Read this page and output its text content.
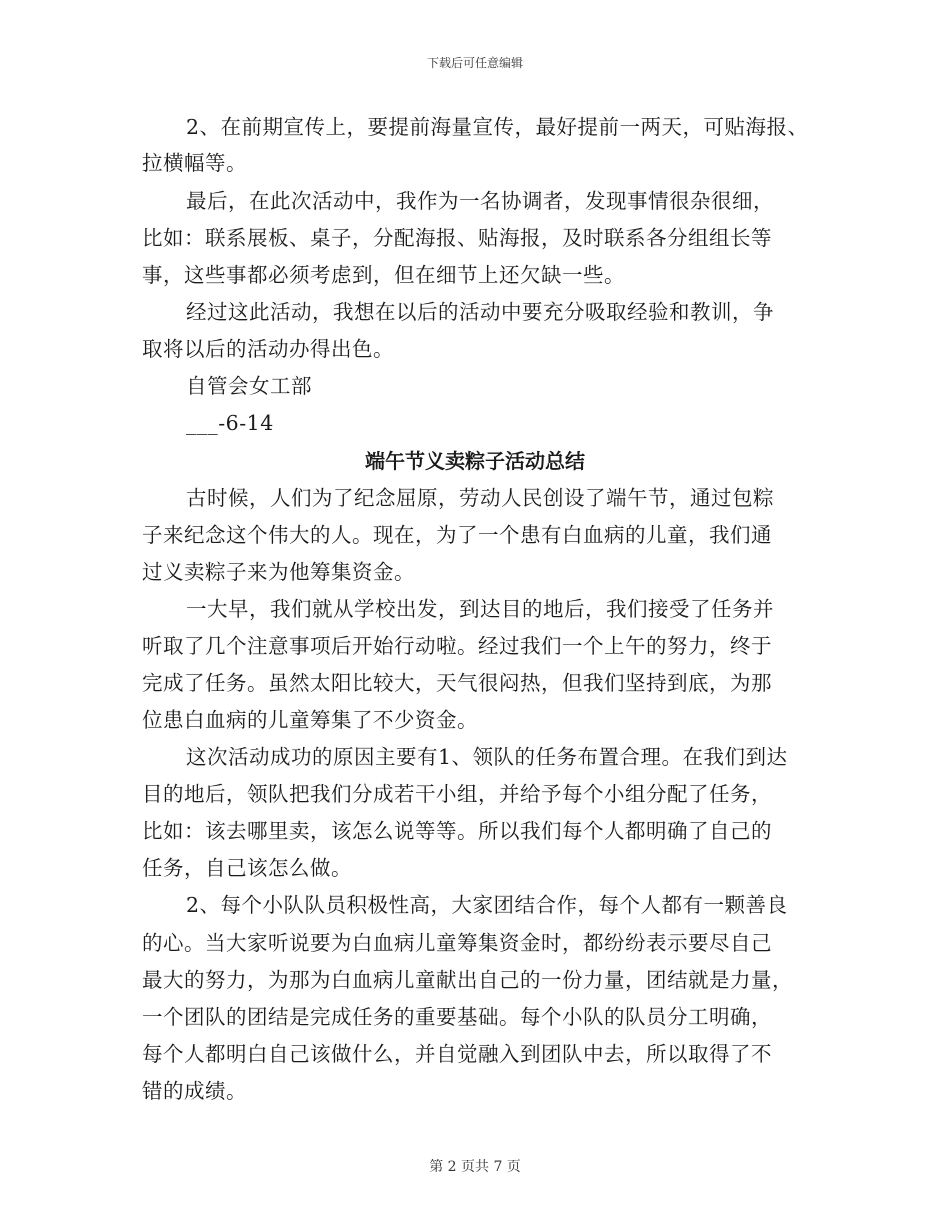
下载后可任意编辑
2、在前期宣传上，要提前海量宣传，最好提前一两天，可贴海报、
拉横幅等。
最后，在此次活动中，我作为一名协调者，发现事情很杂很细，
比如：联系展板、桌子，分配海报、贴海报，及时联系各分组组长等
事，这些事都必须考虑到，但在细节上还欠缺一些。
经过这此活动，我想在以后的活动中要充分吸取经验和教训，争
取将以后的活动办得出色。
自管会女工部
___-6-14
端午节义卖粽子活动总结
古时候，人们为了纪念屈原，劳动人民创设了端午节，通过包粽
子来纪念这个伟大的人。现在，为了一个患有白血病的儿童，我们通
过义卖粽子来为他筹集资金。
一大早，我们就从学校出发，到达目的地后，我们接受了任务并
听取了几个注意事项后开始行动啦。经过我们一个上午的努力，终于
完成了任务。虽然太阳比较大，天气很闷热，但我们坚持到底，为那
位患白血病的儿童筹集了不少资金。
这次活动成功的原因主要有1、领队的任务布置合理。在我们到达
目的地后，领队把我们分成若干小组，并给予每个小组分配了任务，
比如：该去哪里卖，该怎么说等等。所以我们每个人都明确了自己的
任务，自己该怎么做。
2、每个小队队员积极性高，大家团结合作，每个人都有一颗善良
的心。当大家听说要为白血病儿童筹集资金时，都纷纷表示要尽自己
最大的努力，为那为白血病儿童献出自己的一份力量，团结就是力量，
一个团队的团结是完成任务的重要基础。每个小队的队员分工明确，
每个人都明白自己该做什么，并自觉融入到团队中去，所以取得了不
错的成绩。
第 2 页共 7 页
